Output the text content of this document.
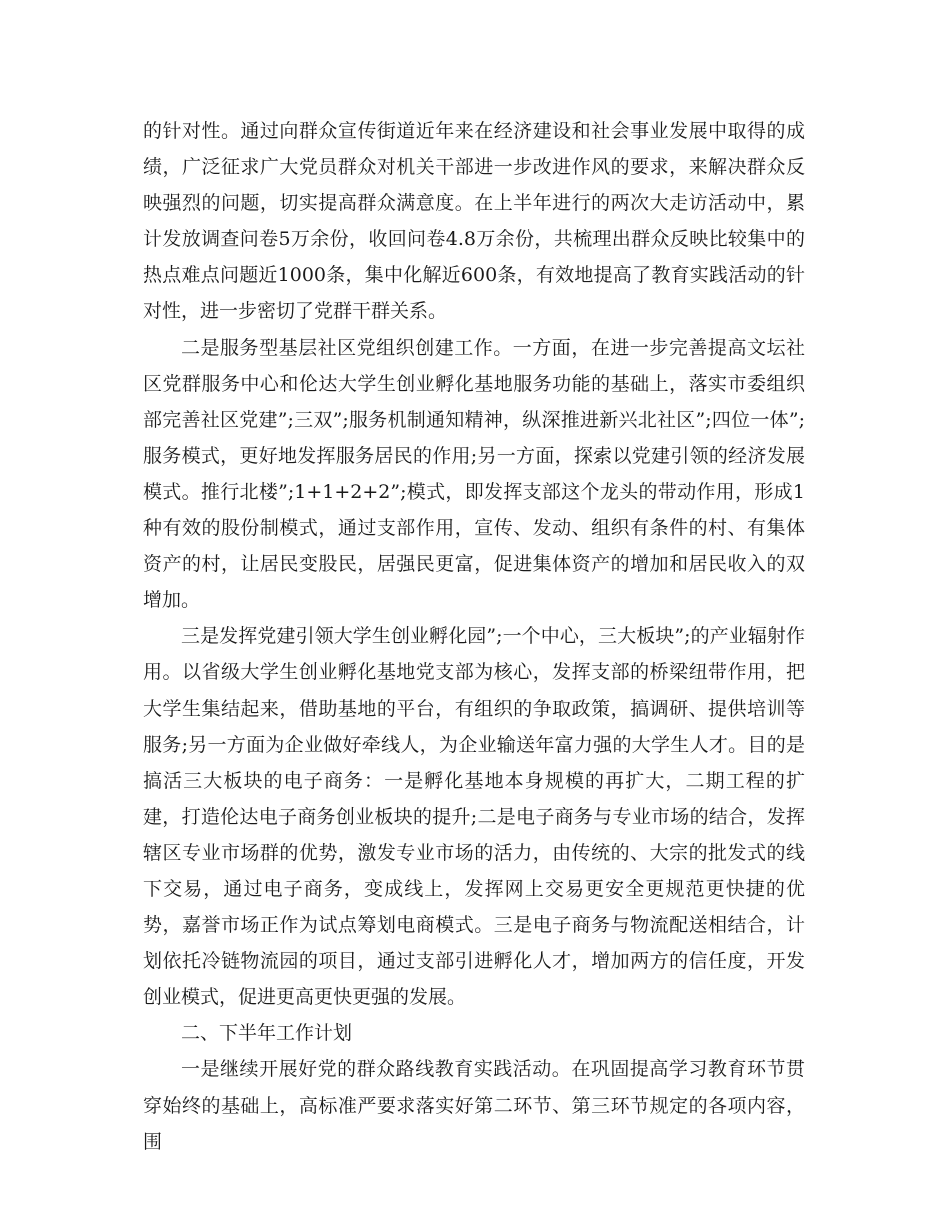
的针对性。通过向群众宣传街道近年来在经济建设和社会事业发展中取得的成绩，广泛征求广大党员群众对机关干部进一步改进作风的要求，来解决群众反映强烈的问题，切实提高群众满意度。在上半年进行的两次大走访活动中，累计发放调查问卷5万余份，收回问卷4.8万余份，共梳理出群众反映比较集中的热点难点问题近1000条，集中化解近600条，有效地提高了教育实践活动的针对性，进一步密切了党群干群关系。

二是服务型基层社区党组织创建工作。一方面，在进一步完善提高文坛社区党群服务中心和伦达大学生创业孵化基地服务功能的基础上，落实市委组织部完善社区党建”;三双”;服务机制通知精神，纵深推进新兴北社区”;四位一体”;服务模式，更好地发挥服务居民的作用;另一方面，探索以党建引领的经济发展模式。推行北楼”;1+1+2+2”;模式，即发挥支部这个龙头的带动作用，形成1种有效的股份制模式，通过支部作用，宣传、发动、组织有条件的村、有集体资产的村，让居民变股民，居强民更富，促进集体资产的增加和居民收入的双增加。

三是发挥党建引领大学生创业孵化园”;一个中心，三大板块”;的产业辐射作用。以省级大学生创业孵化基地党支部为核心，发挥支部的桥梁纽带作用，把大学生集结起来，借助基地的平台，有组织的争取政策，搞调研、提供培训等服务;另一方面为企业做好牵线人，为企业输送年富力强的大学生人才。目的是搞活三大板块的电子商务：一是孵化基地本身规模的再扩大，二期工程的扩建，打造伦达电子商务创业板块的提升;二是电子商务与专业市场的结合，发挥辖区专业市场群的优势，激发专业市场的活力，由传统的、大宗的批发式的线下交易，通过电子商务，变成线上，发挥网上交易更安全更规范更快捷的优势，嘉誉市场正作为试点筹划电商模式。三是电子商务与物流配送相结合，计划依托冷链物流园的项目，通过支部引进孵化人才，增加两方的信任度，开发创业模式，促进更高更快更强的发展。

二、下半年工作计划

一是继续开展好党的群众路线教育实践活动。在巩固提高学习教育环节贯穿始终的基础上，高标准严要求落实好第二环节、第三环节规定的各项内容，围
